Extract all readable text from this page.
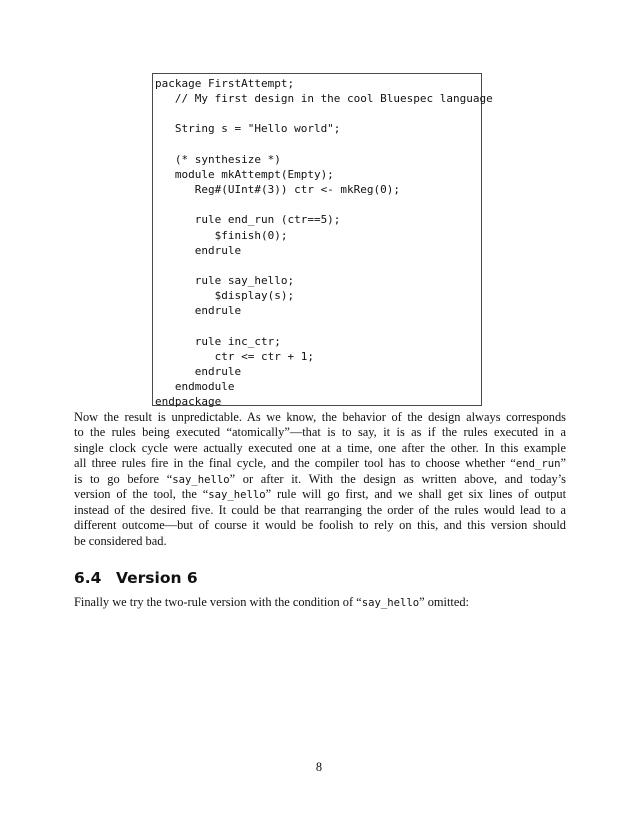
package FirstAttempt;
// My first design in the cool Bluespec language
String s = "Hello world";
(* synthesize *)
module mkAttempt(Empty);
Reg#(UInt#(3)) ctr <- mkReg(0);
rule end_run (ctr==5);
$finish(0);
endrule
rule say_hello;
$display(s);
endrule
rule inc_ctr;
ctr <= ctr + 1;
endrule
endmodule
endpackage
Now the result is unpredictable. As we know, the behavior of the design always corresponds
to the rules being executed “atomically”—that is to say, it is as if the rules executed in a
single clock cycle were actually executed one at a time, one after the other. In this example
all three rules fire in the final cycle, and the compiler tool has to choose whether “end_run”
is to go before “say_hello” or after it. With the design as written above, and today’s
version of the tool, the “say_hello” rule will go first, and we shall get six lines of output
instead of the desired five. It could be that rearranging the order of the rules would lead to a
different outcome—but of course it would be foolish to rely on this, and this version should
be considered bad.
6.4 Version 6
Finally we try the two-rule version with the condition of “say_hello” omitted:
8
